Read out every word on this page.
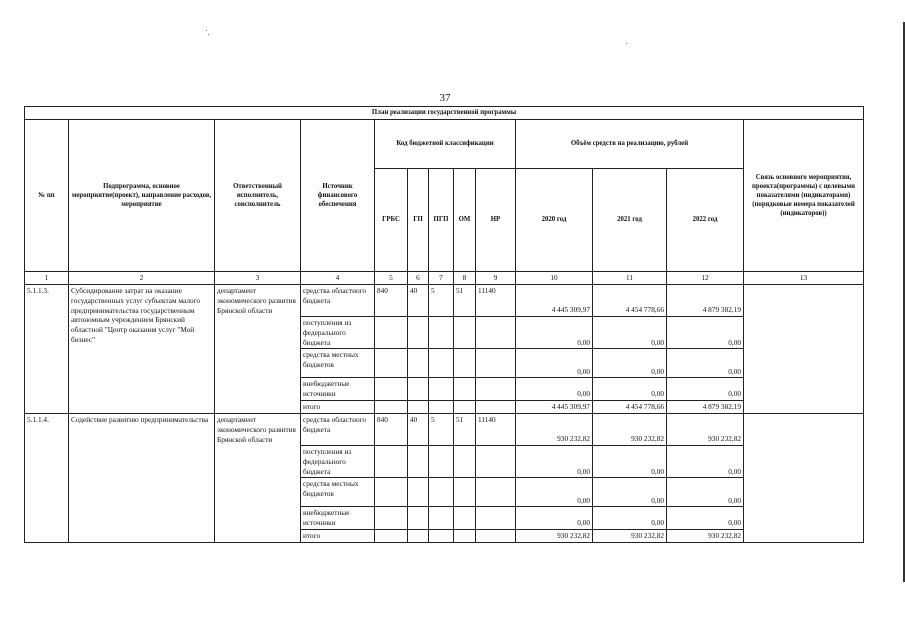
37
План реализации государственной программы												
№ пп	Подпрограмма, основное мероприятие(проект), направление расходов, мероприятие	Ответственный исполнитель, соисполнитель	Источник финансового обеспечения	Код бюджетной классификации					Объём средств на реализацию, рублей			Связь основного мероприятия, проекта(программы) с целевыми показателями (индикаторами) (порядковые номера показателей (индикаторов))
				ГРБС	ГП	ПГП	ОМ	НР	2020 год	2021 год	2022 год	
1	2	3	4	5	6	7	8	9	10	11	12	13
5.1.1.3.	Субсидирование затрат на оказание государственных услуг субъектам малого предпринимательства государственным автономным учреждением Брянский областной "Центр оказания услуг "Мой бизнес"	департамент экономического развития Брянской области	средства областного бюджета	840	40	5	51	11140	4 445 309,97	4 454 778,66	4 879 382,19	
			поступления из федерального бюджета						0,00	0,00	0,00	
			средства местных бюджетов						0,00	0,00	0,00	
			внебюджетные источники						0,00	0,00	0,00	
			итого						4 445 309,97	4 454 778,66	4 879 382,19	
5.1.1.4.	Содействие развитию предпринимательства	департамент экономического развития Брянской области	средства областного бюджета	840	40	5	51	11140	930 232,82	930 232,82	930 232,82	
			поступления из федерального бюджета						0,00	0,00	0,00	
			средства местных бюджетов						0,00	0,00	0,00	
			внебюджетные источники						0,00	0,00	0,00	
			итого						930 232,82	930 232,82	930 232,82	
